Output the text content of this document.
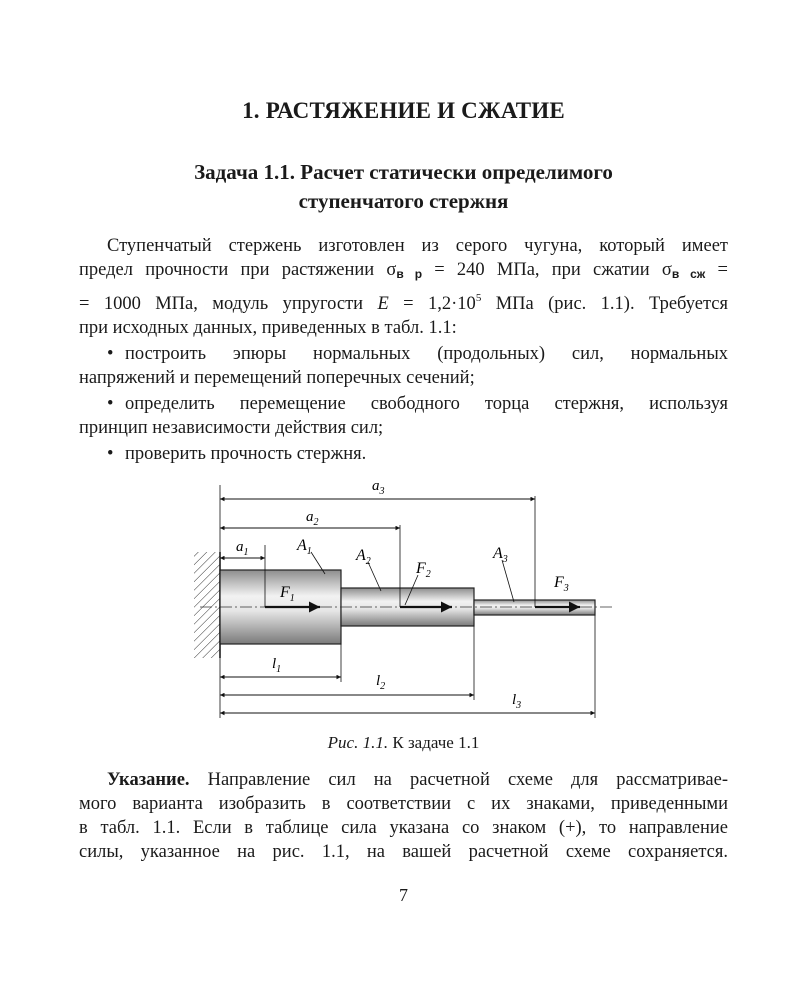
1. РАСТЯЖЕНИЕ И СЖАТИЕ
Задача 1.1. Расчет статически определимого
ступенчатого стержня
Ступенчатый стержень изготовлен из серого чугуна, который имеет
предел прочности при растяжении $\sigma_{в р} = 240$ МПа, при сжатии $\sigma_{в сж}$ =
= 1000 МПа, модуль упругости $E = 1,2\cdot 10^5$ МПа (рис. 1.1). Требуется
при исходных данных, приведенных в табл. 1.1:
• построить эпюры нормальных (продольных) сил, нормальных
напряжений и перемещений поперечных сечений;
• определить перемещение свободного торца стержня, используя
принцип независимости действия сил;
• проверить прочность стержня.
$a_3$
$a_2$
$a_1$	$A_1$	$A_2$	$A_3$
$F_1$
$F_2$	$F_3$
$l_1$
$l_2$
$l_3$
Рис. 1.1. К задаче 1.1
Указание. Направление сил на расчетной схеме для рассматривае-
мого варианта изобразить в соответствии с их знаками, приведенными
в табл. 1.1. Если в таблице сила указана со знаком (+), то направление
силы, указанное на рис. 1.1, на вашей расчетной схеме сохраняется.
7
